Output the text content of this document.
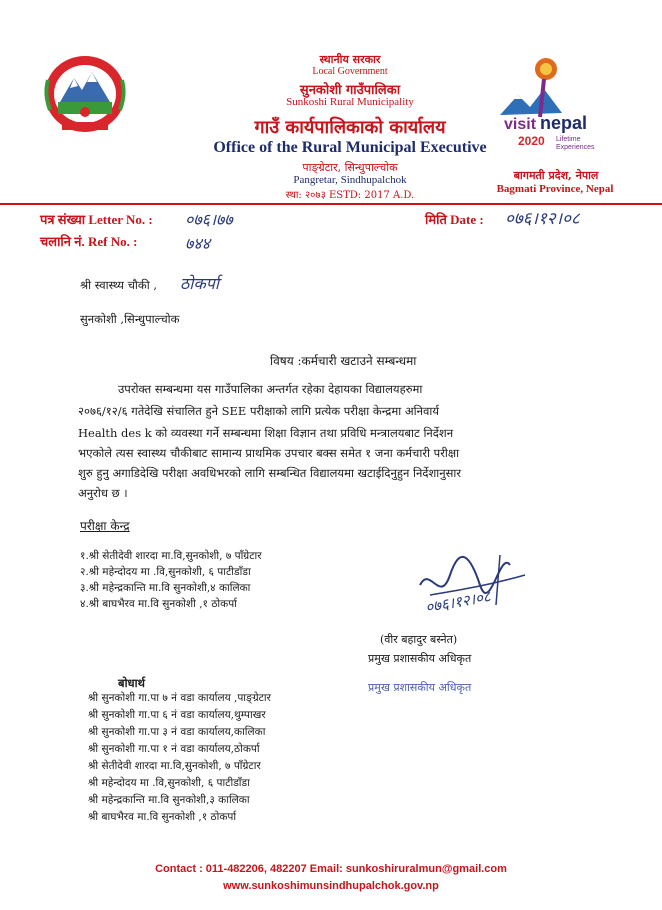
visit nepal
2020 Lifetime
Experiences
स्थानीय सरकार
Local Government
सुनकोशी गाउँपालिका
Sunkoshi Rural Municipality
गाउँ कार्यपालिकाको कार्यालय
Office of the Rural Municipal Executive
पाङ्ग्रेटार, सिन्धुपाल्चोक
Pangretar, Sindhupalchok
स्था: २०७३ ESTD: 2017 A.D.
बागमती प्रदेश, नेपाल
Bagmati Province, Nepal
पत्र संख्या Letter No. : ०७६।७७
चलानि नं. Ref No. :	७४४
मिति Date : ०७६।१२।०८
श्री स्वास्थ्य चौकी , ठोकर्पा
सुनकोशी ,सिन्धुपाल्चोक
विषय :कर्मचारी खटाउने सम्बन्धमा
उपरोक्त सम्बन्धमा यस गाउँपालिका अन्तर्गत रहेका देहायका विद्यालयहरुमा
२०७६/१२/६ गतेदेखि संचालित हुने SEE परीक्षाको लागि प्रत्येक परीक्षा केन्द्रमा अनिवार्य
Health des k को व्यवस्था गर्ने सम्बन्धमा शिक्षा विज्ञान तथा प्रविधि मन्त्रालयबाट निर्देशन
भएकोले त्यस स्वास्थ्य चौकीबाट सामान्य प्राथमिक उपचार बक्स समेत १ जना कर्मचारी परीक्षा
शुरु हुनु अगाडिदेखि परीक्षा अवधिभरको लागि सम्बन्धित विद्यालयमा खटाईदिनुहुन निर्देशानुसार
अनुरोध छ ।
परीक्षा केन्द्र
१.श्री सेतीदेवी शारदा मा.वि,सुनकोशी, ७ पाँग्रेटार
२.श्री महेन्दोदय मा .वि,सुनकोशी, ६ पाटीडाँडा
३.श्री महेन्द्रकान्ति मा.वि सुनकोशी,४ कालिका
४.श्री बाघभैरव मा.वि सुनकोशी ,१ ठोकर्पा	०७६।१२।०८
(वीर बहादुर बस्नेत)
प्रमुख प्रशासकीय अधिकृत
प्रमुख प्रशासकीय अधिकृत
बोधार्थ
श्री सुनकोशी गा.पा ७ नं वडा कार्यालय ,पाङ्ग्रेटार
श्री सुनकोशी गा.पा ६ नं वडा कार्यालय,थुम्पाखर
श्री सुनकोशी गा.पा ३ नं वडा कार्यालय,कालिका
श्री सुनकोशी गा.पा १ नं वडा कार्यालय,ठोकर्पा
श्री सेतीदेवी शारदा मा.वि,सुनकोशी, ७ पाँग्रेटार
श्री महेन्दोदय मा .वि,सुनकोशी, ६ पाटीडाँडा
श्री महेन्द्रकान्ति मा.वि सुनकोशी,३ कालिका
श्री बाघभैरव मा.वि सुनकोशी ,१ ठोकर्पा
Contact : 011-482206, 482207 Email: sunkoshiruralmun@gmail.com
www.sunkoshimunsindhupalchok.gov.np
